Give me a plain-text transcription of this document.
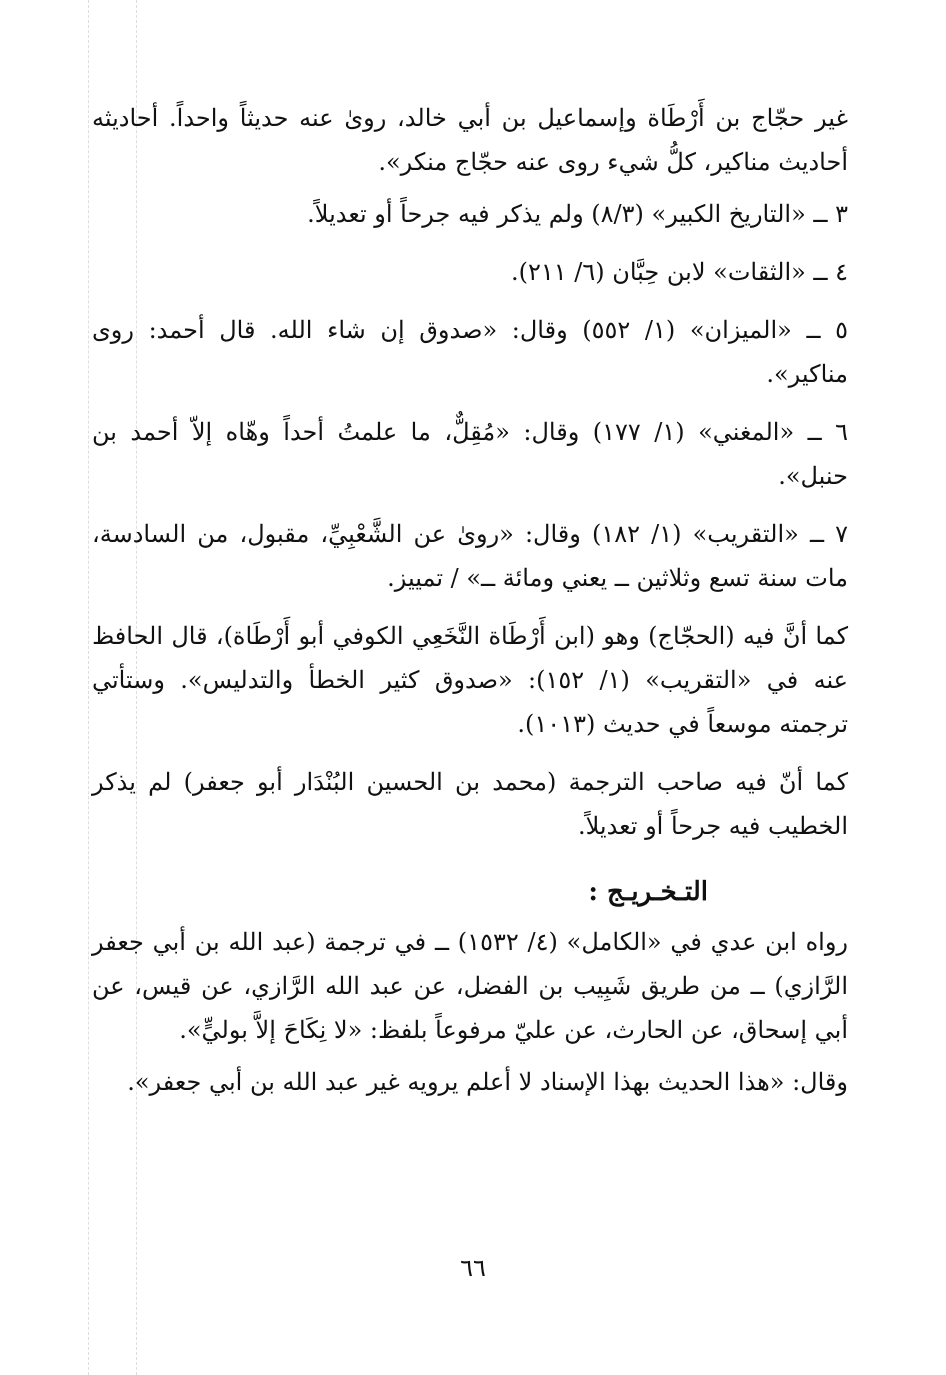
غير حجّاج بن أَرْطَاة وإسماعيل بن أبي خالد، روىٰ عنه حديثاً واحداً. أحاديثه أحاديث مناكير، كلُّ شيء روى عنه حجّاج منكر».

٣ ــ «التاريخ الكبير» (٨/٣) ولم يذكر فيه جرحاً أو تعديلاً.

٤ ــ «الثقات» لابن حِبَّان (٦/ ٢١١).

٥ ــ «الميزان» (١/ ٥٥٢) وقال: «صدوق إن شاء الله. قال أحمد: روى مناكير».

٦ ــ «المغني» (١/ ١٧٧) وقال: «مُقِلٌّ، ما علمتُ أحداً وهّاه إلاّ أحمد بن حنبل».

٧ ــ «التقريب» (١/ ١٨٢) وقال: «روىٰ عن الشَّعْبِيِّ، مقبول، من السادسة، مات سنة تسع وثلاثين ــ يعني ومائة ــ» / تمييز.

كما أنَّ فيه (الحجّاج) وهو (ابن أَرْطَاة النَّخَعِي الكوفي أبو أَرْطَاة)، قال الحافظ عنه في «التقريب» (١/ ١٥٢): «صدوق كثير الخطأ والتدليس». وستأتي ترجمته موسعاً في حديث (١٠١٣).

كما أنّ فيه صاحب الترجمة (محمد بن الحسين البُنْدَار أبو جعفر) لم يذكر الخطيب فيه جرحاً أو تعديلاً.

التـخـريـج :

رواه ابن عدي في «الكامل» (٤/ ١٥٣٢) ــ في ترجمة (عبد الله بن أبي جعفر الرَّازي) ــ من طريق شَبِيب بن الفضل، عن عبد الله الرَّازي، عن قيس، عن أبي إسحاق، عن الحارث، عن عليّ مرفوعاً بلفظ: «لا نِكَاحَ إلاَّ بوليٍّ».

وقال: «هذا الحديث بهذا الإسناد لا أعلم يرويه غير عبد الله بن أبي جعفر».

٦٦
